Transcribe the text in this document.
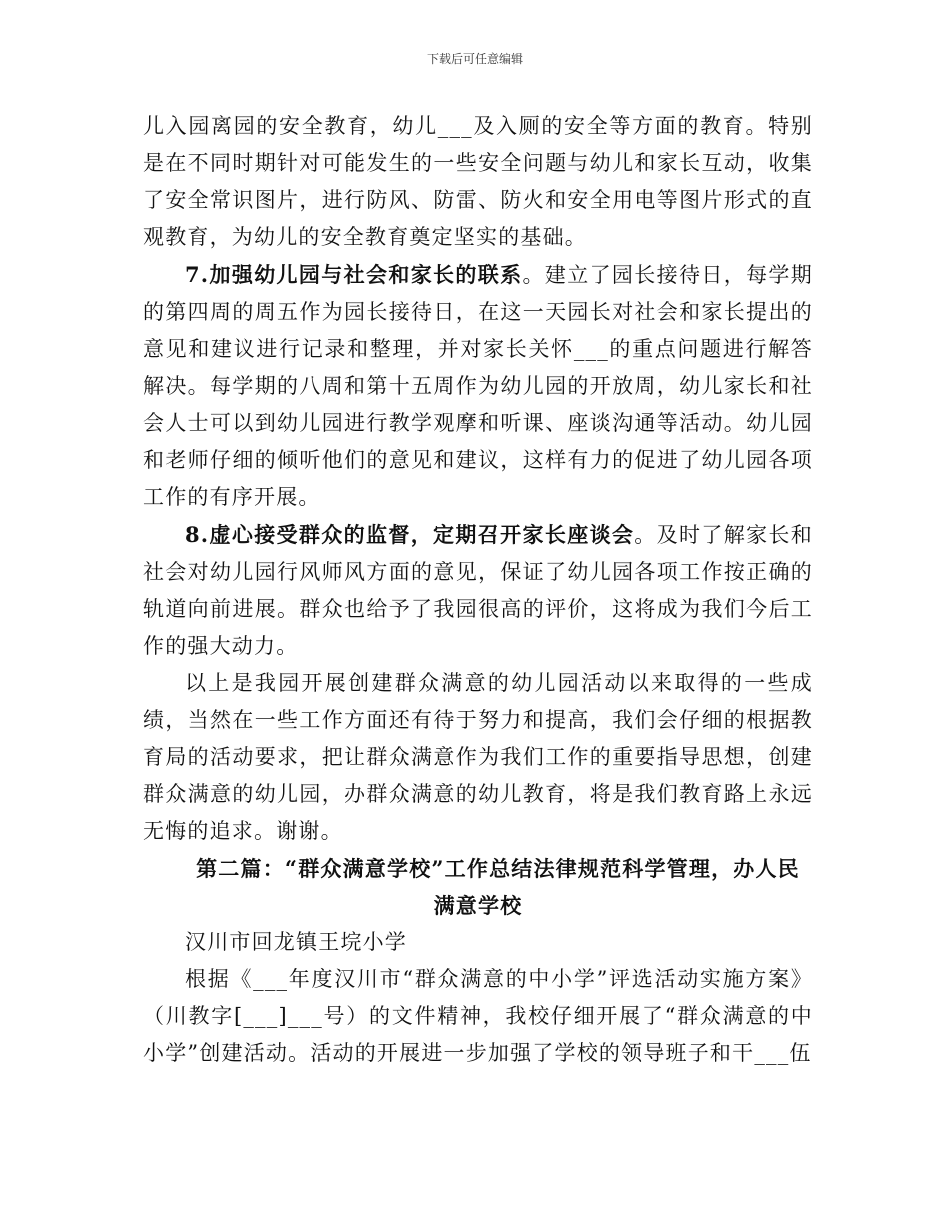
下载后可任意编辑

儿入园离园的安全教育，幼儿___及入厕的安全等方面的教育。特别是在不同时期针对可能发生的一些安全问题与幼儿和家长互动，收集了安全常识图片，进行防风、防雷、防火和安全用电等图片形式的直观教育，为幼儿的安全教育奠定坚实的基础。

7.加强幼儿园与社会和家长的联系。建立了园长接待日，每学期的第四周的周五作为园长接待日，在这一天园长对社会和家长提出的意见和建议进行记录和整理，并对家长关怀___的重点问题进行解答解决。每学期的八周和第十五周作为幼儿园的开放周，幼儿家长和社会人士可以到幼儿园进行教学观摩和听课、座谈沟通等活动。幼儿园和老师仔细的倾听他们的意见和建议，这样有力的促进了幼儿园各项工作的有序开展。

8.虚心接受群众的监督，定期召开家长座谈会。及时了解家长和社会对幼儿园行风师风方面的意见，保证了幼儿园各项工作按正确的轨道向前进展。群众也给予了我园很高的评价，这将成为我们今后工作的强大动力。

以上是我园开展创建群众满意的幼儿园活动以来取得的一些成绩，当然在一些工作方面还有待于努力和提高，我们会仔细的根据教育局的活动要求，把让群众满意作为我们工作的重要指导思想，创建群众满意的幼儿园，办群众满意的幼儿教育，将是我们教育路上永远无悔的追求。谢谢。

第二篇：“群众满意学校”工作总结法律规范科学管理，办人民
满意学校

汉川市回龙镇王垸小学

根据《___年度汉川市“群众满意的中小学”评选活动实施方案》（川教字[___]___号）的文件精神，我校仔细开展了“群众满意的中小学”创建活动。活动的开展进一步加强了学校的领导班子和干___伍
